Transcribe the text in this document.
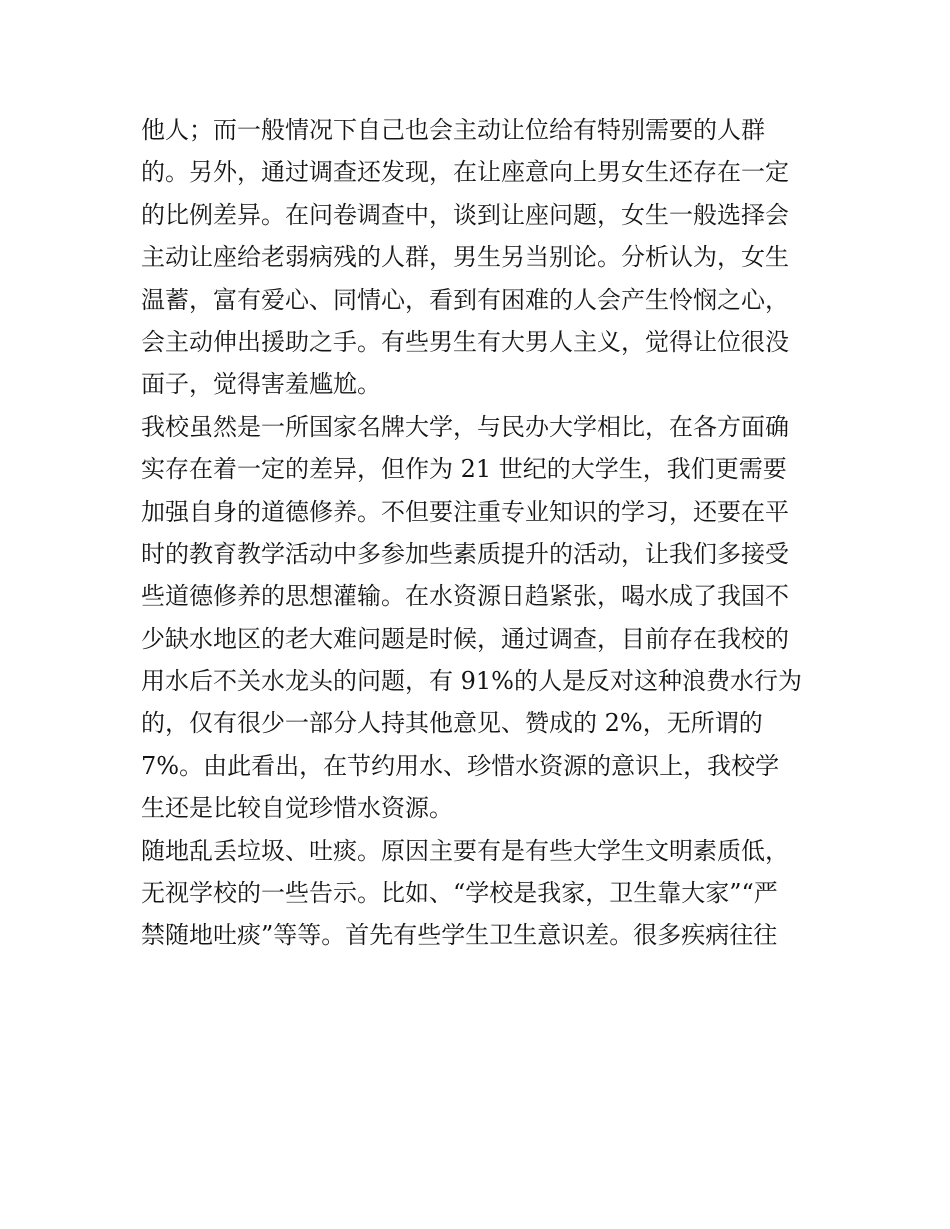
他人；而一般情况下自己也会主动让位给有特别需要的人群
的。另外，通过调查还发现，在让座意向上男女生还存在一定
的比例差异。在问卷调查中，谈到让座问题，女生一般选择会
主动让座给老弱病残的人群，男生另当别论。分析认为，女生
温蓄，富有爱心、同情心，看到有困难的人会产生怜悯之心，
会主动伸出援助之手。有些男生有大男人主义，觉得让位很没
面子，觉得害羞尴尬。
我校虽然是一所国家名牌大学，与民办大学相比，在各方面确
实存在着一定的差异，但作为 21 世纪的大学生，我们更需要
加强自身的道德修养。不但要注重专业知识的学习，还要在平
时的教育教学活动中多参加些素质提升的活动，让我们多接受
些道德修养的思想灌输。在水资源日趋紧张，喝水成了我国不
少缺水地区的老大难问题是时候，通过调查，目前存在我校的
用水后不关水龙头的问题，有 91%的人是反对这种浪费水行为
的，仅有很少一部分人持其他意见、赞成的 2%，无所谓的
7%。由此看出，在节约用水、珍惜水资源的意识上，我校学
生还是比较自觉珍惜水资源。
随地乱丢垃圾、吐痰。原因主要有是有些大学生文明素质低，
无视学校的一些告示。比如、“学校是我家，卫生靠大家”“严
禁随地吐痰”等等。首先有些学生卫生意识差。很多疾病往往
